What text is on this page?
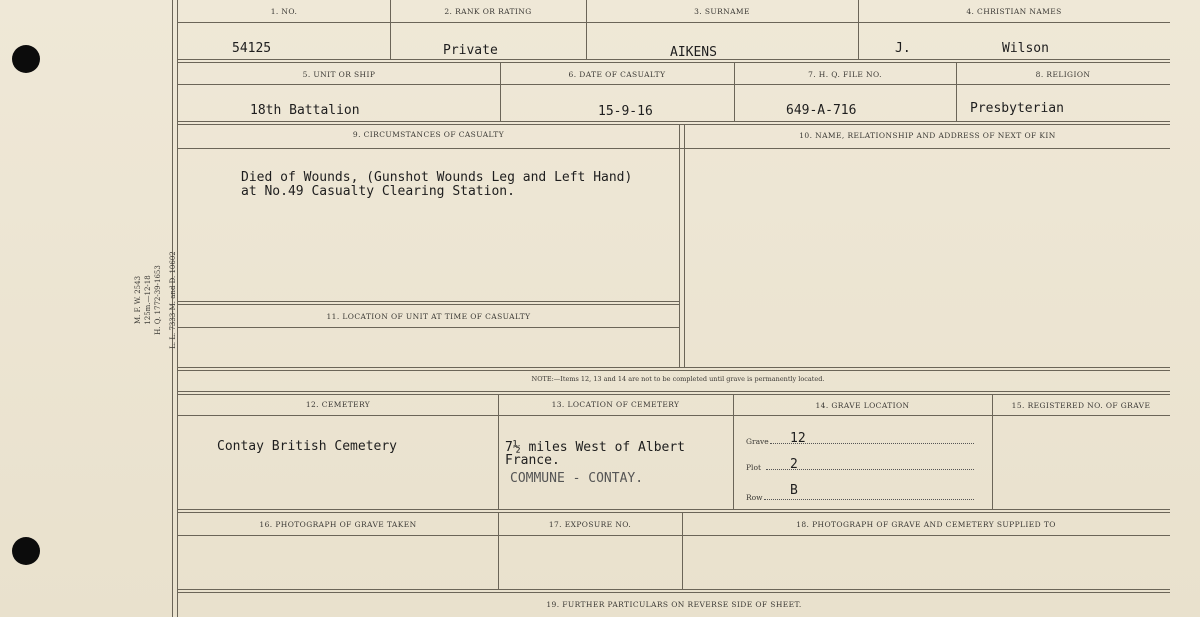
M. F. W. 2543 125m.—12-18 H. Q. 1772-39-1653 L. L. 7333-M. and D. 10602
1. NO.	2. RANK OR RATING	3. SURNAME	4. CHRISTIAN NAMES
54125	Private	AIKENS	J.	Wilson
5. UNIT OR SHIP	6. DATE OF CASUALTY	7. H. Q. FILE NO.	8. RELIGION
18th Battalion	15-9-16	649-A-716	Presbyterian
9. CIRCUMSTANCES OF CASUALTY	10. NAME, RELATIONSHIP AND ADDRESS OF NEXT OF KIN
Died of Wounds, (Gunshot Wounds Leg and Left Hand)
at No.49 Casualty Clearing Station.
11. LOCATION OF UNIT AT TIME OF CASUALTY
NOTE:—Items 12, 13 and 14 are not to be completed until grave is permanently located.
12. CEMETERY	13. LOCATION OF CEMETERY	14. GRAVE LOCATION	15. REGISTERED NO. OF GRAVE
Contay British Cemetery	7½ miles West of Albert
France.
COMMUNE - CONTAY.
Grave 12
Plot 2
Row B
16. PHOTOGRAPH OF GRAVE TAKEN	17. EXPOSURE NO.	18. PHOTOGRAPH OF GRAVE AND CEMETERY SUPPLIED TO
19. FURTHER PARTICULARS ON REVERSE SIDE OF SHEET.
